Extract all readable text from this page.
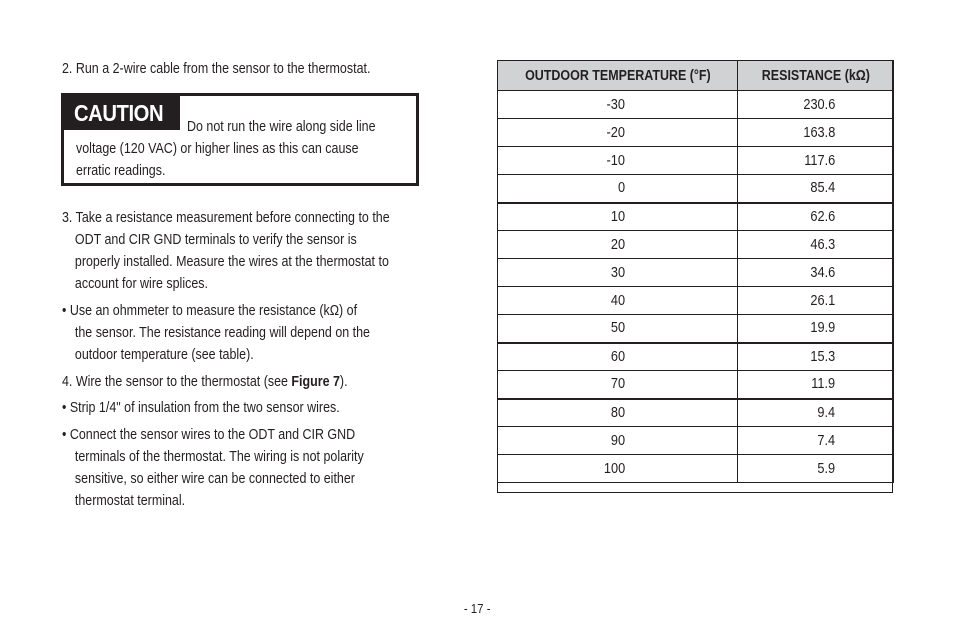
2. Run a 2-wire cable from the sensor to the thermostat.
CAUTION
Do not run the wire along side line
voltage (120 VAC) or higher lines as this can cause
erratic readings.
3. Take a resistance measurement before connecting to the
ODT and CIR GND terminals to verify the sensor is
properly installed. Measure the wires at the thermostat to
account for wire splices.
• Use an ohmmeter to measure the resistance (kΩ) of
the sensor. The resistance reading will depend on the
outdoor temperature (see table).
4. Wire the sensor to the thermostat (see Figure 7).
• Strip 1/4" of insulation from the two sensor wires.
• Connect the sensor wires to the ODT and CIR GND
terminals of the thermostat. The wiring is not polarity
sensitive, so either wire can be connected to either
thermostat terminal.
OUTDOOR TEMPERATURE (°F)	RESISTANCE (kΩ)
-30	230.6
-20	163.8
-10	117.6
0	85.4
10	62.6
20	46.3
30	34.6
40	26.1
50	19.9
60	15.3
70	11.9
80	9.4
90	7.4
100	5.9
- 17 -
